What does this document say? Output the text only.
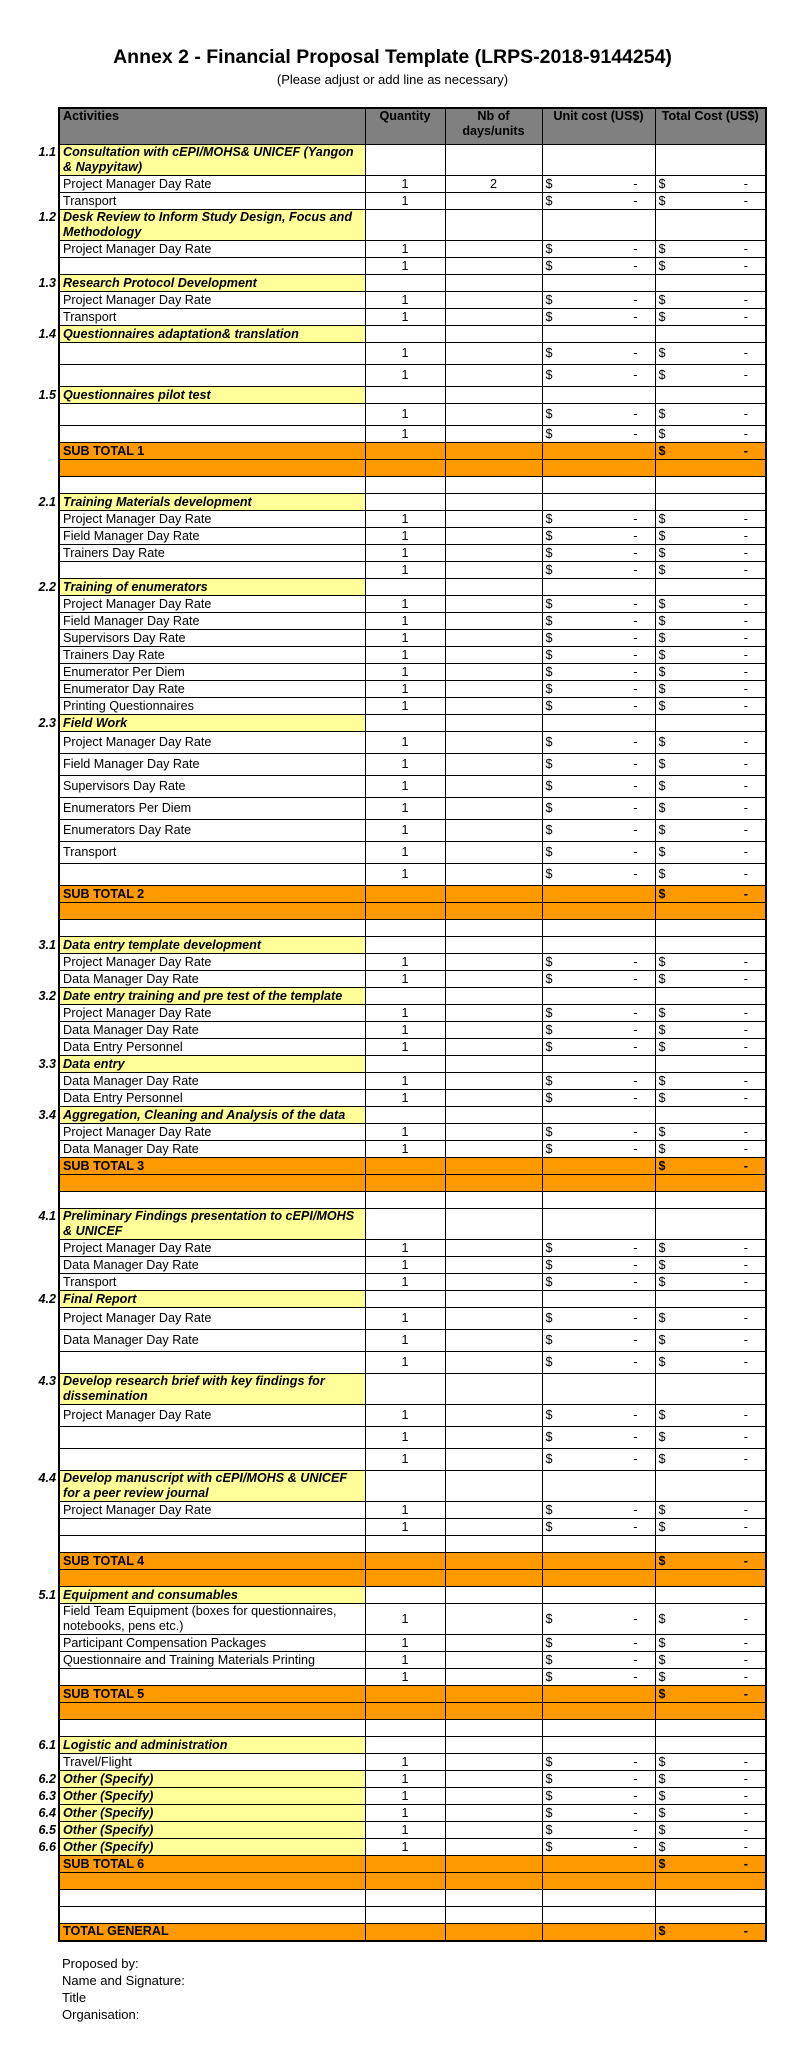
Annex 2 - Financial Proposal Template (LRPS-2018-9144254)
(Please adjust or add line as necessary)
Activities	Quantity	Nb of days/units	Unit cost (US$)	Total Cost (US$)

1.1 Consultation with cEPI/MOHS& UNICEF (Yangon & Naypyitaw)				
Project Manager Day Rate	1	2	$ -	$ -

Transport	1		$ -	$ -

1.2 Desk Review to Inform Study Design, Focus and Methodology				
Project Manager Day Rate	1		$ -	$ -

	1		$ -	$ -

1.3 Research Protocol Development				
Project Manager Day Rate	1		$ -	$ -

Transport	1		$ -	$ -

1.4 Questionnaires adaptation& translation				
	1		$ -	$ -

	1		$ -	$ -

1.5 Questionnaires pilot test				
	1		$ -	$ -

	1		$ -	$ -

SUB TOTAL 1				$ -

2.1 Training Materials development				
Project Manager Day Rate	1		$ -	$ -

Field Manager Day Rate	1		$ -	$ -

Trainers Day Rate	1		$ -	$ -

	1		$ -	$ -

2.2 Training of enumerators				
Project Manager Day Rate	1		$ -	$ -

Field Manager Day Rate	1		$ -	$ -

Supervisors Day Rate	1		$ -	$ -

Trainers Day Rate	1		$ -	$ -

Enumerator Per Diem	1		$ -	$ -

Enumerator Day Rate	1		$ -	$ -

Printing Questionnaires	1		$ -	$ -

2.3 Field Work				
Project Manager Day Rate	1		$ -	$ -

Field Manager Day Rate	1		$ -	$ -

Supervisors Day Rate	1		$ -	$ -

Enumerators Per Diem	1		$ -	$ -

Enumerators Day Rate	1		$ -	$ -

Transport	1		$ -	$ -

	1		$ -	$ -

SUB TOTAL 2				$ -

3.1 Data entry template development				
Project Manager Day Rate	1		$ -	$ -

Data Manager Day Rate	1		$ -	$ -

3.2 Date entry training and pre test of the template				
Project Manager Day Rate	1		$ -	$ -

Data Manager Day Rate	1		$ -	$ -

Data Entry Personnel	1		$ -	$ -

3.3 Data entry				
Data Manager Day Rate	1		$ -	$ -

Data Entry Personnel	1		$ -	$ -

3.4 Aggregation, Cleaning and Analysis of the data				
Project Manager Day Rate	1		$ -	$ -

Data Manager Day Rate	1		$ -	$ -

SUB TOTAL 3				$ -

4.1 Preliminary Findings presentation to cEPI/MOHS & UNICEF				
Project Manager Day Rate	1		$ -	$ -

Data Manager Day Rate	1		$ -	$ -

Transport	1		$ -	$ -

4.2 Final Report				
Project Manager Day Rate	1		$ -	$ -

Data Manager Day Rate	1		$ -	$ -

	1		$ -	$ -

4.3 Develop research brief with key findings for dissemination				
Project Manager Day Rate	1		$ -	$ -

	1		$ -	$ -

	1		$ -	$ -

4.4 Develop manuscript with cEPI/MOHS & UNICEF for a peer review journal				
Project Manager Day Rate	1		$ -	$ -

	1		$ -	$ -

SUB TOTAL 4				$ -

5.1 Equipment and consumables				
Field Team Equipment (boxes for questionnaires, notebooks, pens etc.)	1		$ -	$ -

Participant Compensation Packages	1		$ -	$ -

Questionnaire and Training Materials Printing	1		$ -	$ -

	1		$ -	$ -

SUB TOTAL 5				$ -

6.1 Logistic and administration				
Travel/Flight	1		$ -	$ -

6.2 Other (Specify)	1		$ -	$ -

6.3 Other (Specify)	1		$ -	$ -

6.4 Other (Specify)	1		$ -	$ -

6.5 Other (Specify)	1		$ -	$ -

6.6 Other (Specify)	1		$ -	$ -

SUB TOTAL 6				$ -

TOTAL GENERAL				$ -
Proposed by:
Name and Signature:
Title
Organisation:
